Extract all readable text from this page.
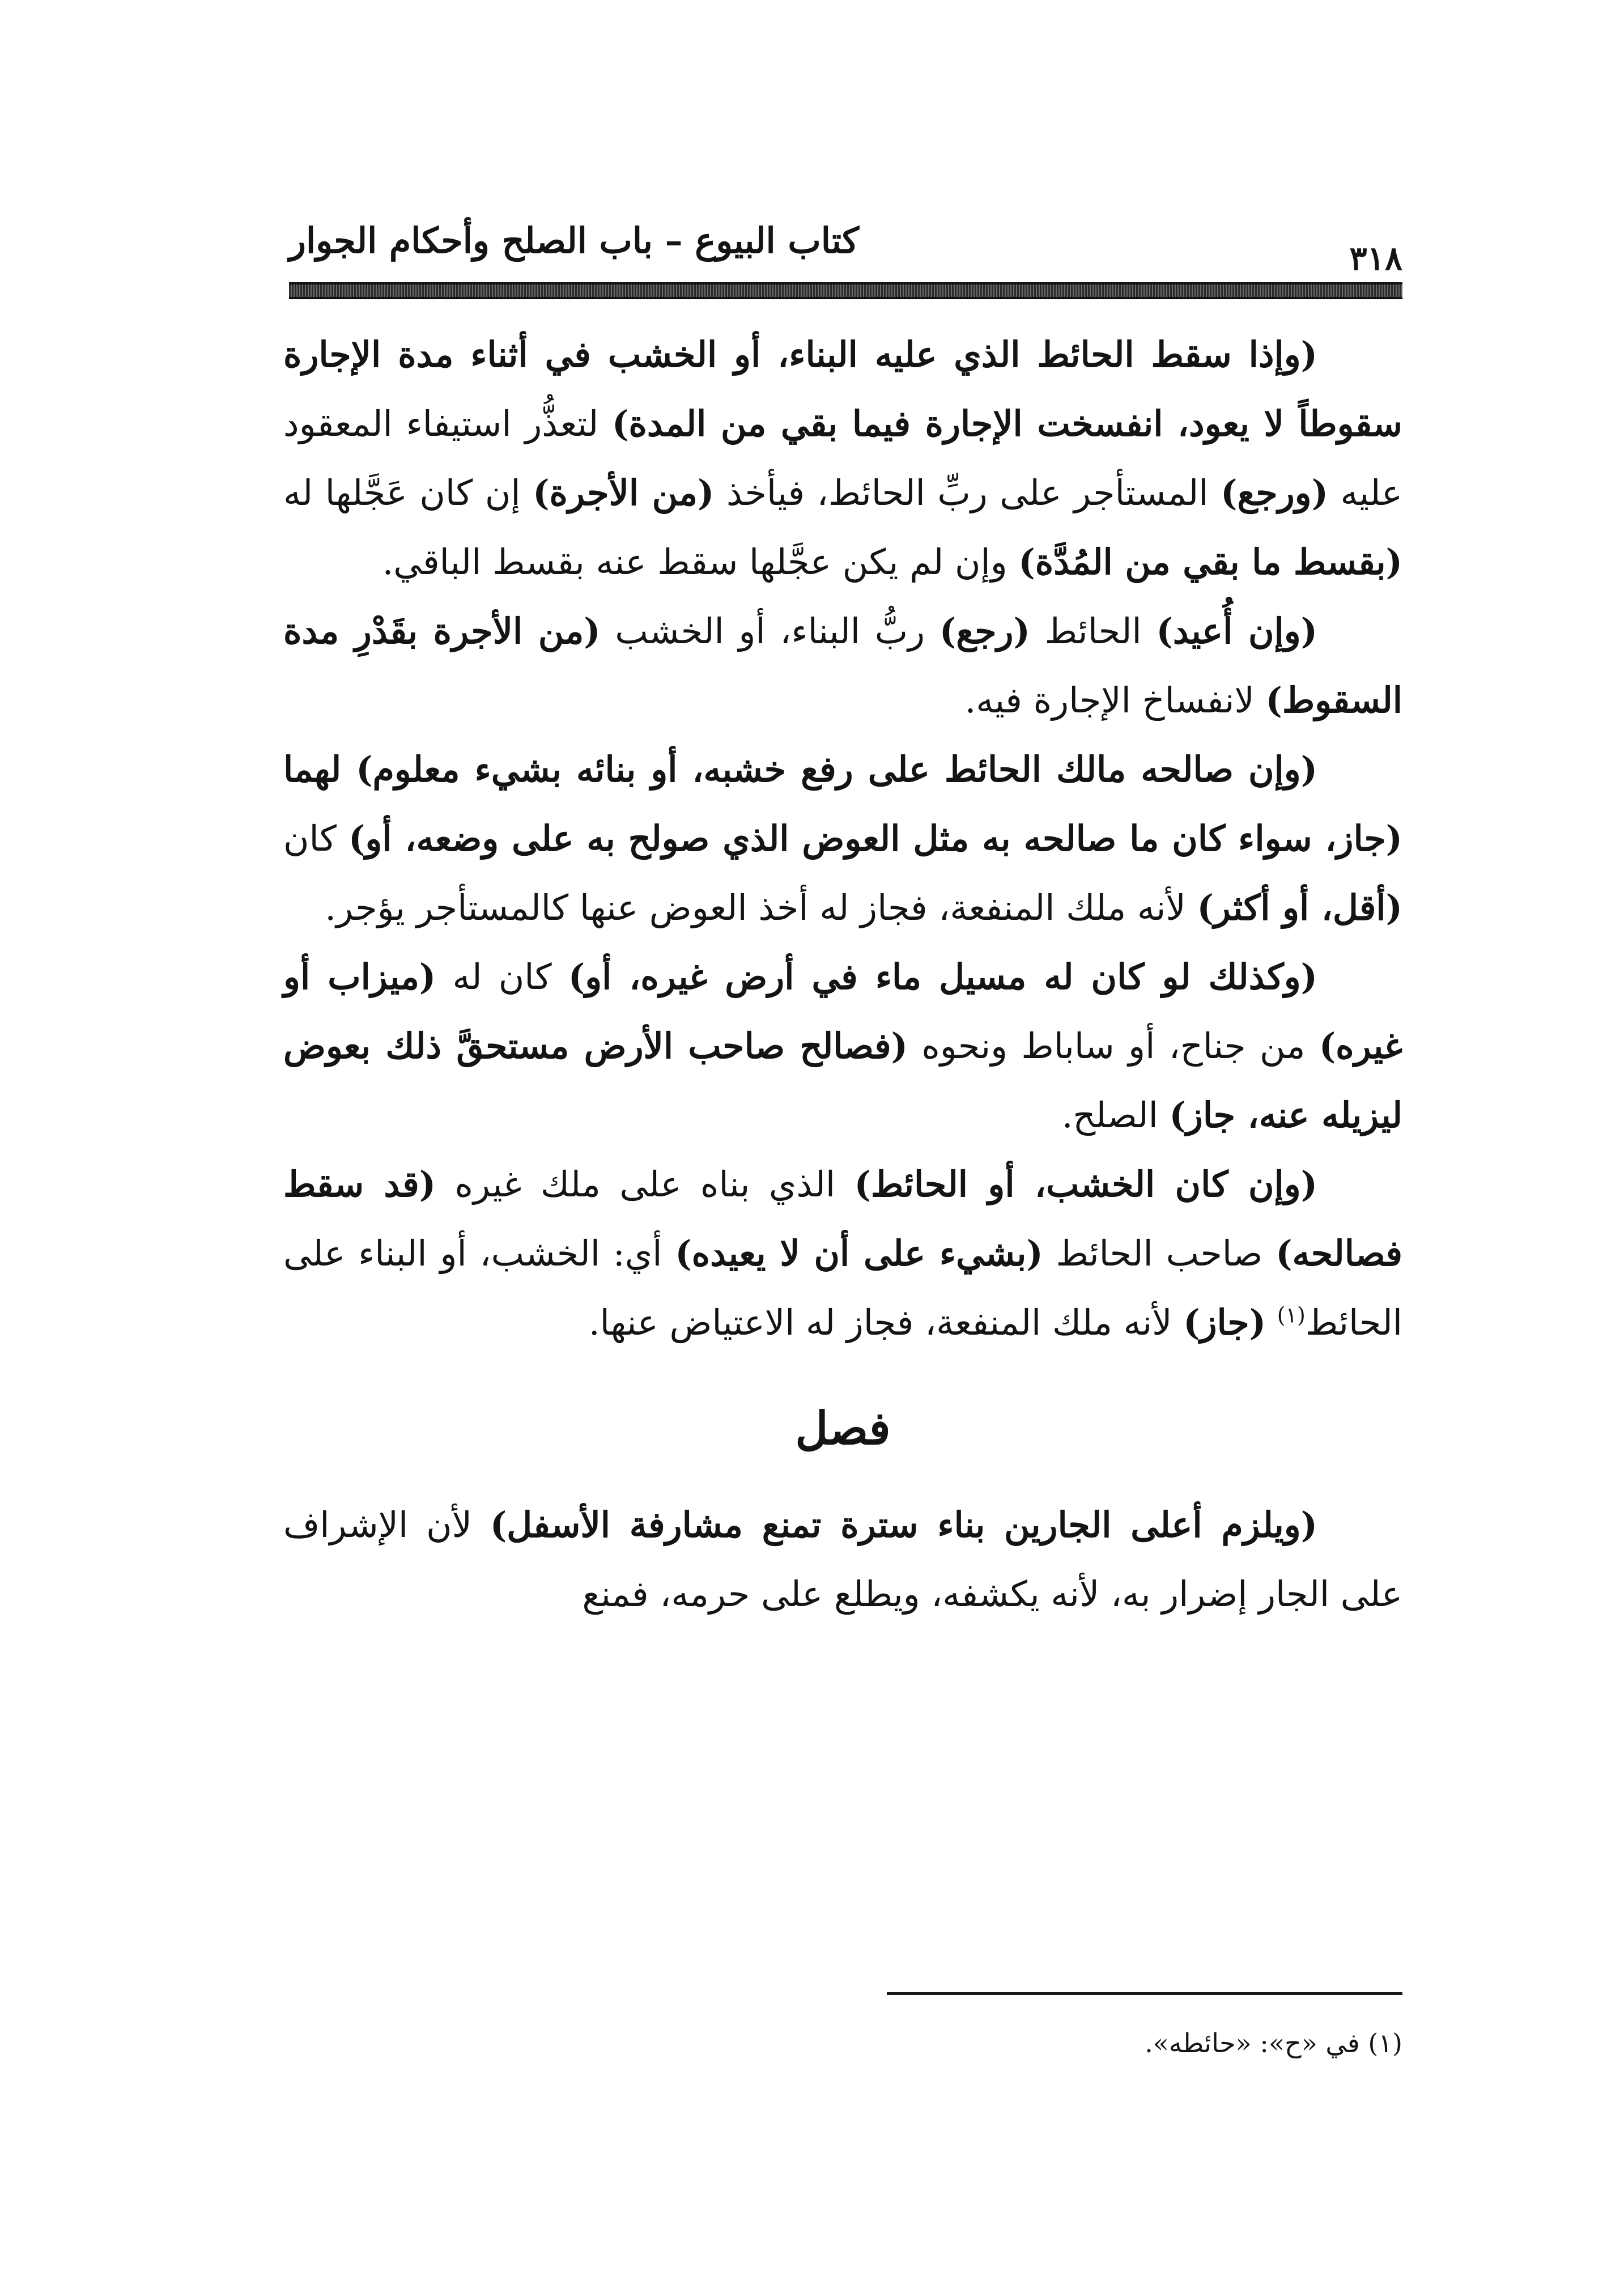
كتاب البيوع – باب الصلح وأحكام الجوار	٣١٨

(وإذا سقط الحائط الذي عليه البناء، أو الخشب في أثناء مدة الإجارة سقوطاً لا يعود، انفسخت الإجارة فيما بقي من المدة) لتعذُّر استيفاء المعقود عليه (ورجع) المستأجر على ربِّ الحائط، فيأخذ (من الأجرة) إن كان عَجَّلها له (بقسط ما بقي من المُدَّة) وإن لم يكن عجَّلها سقط عنه بقسط الباقي.

(وإن أُعيد) الحائط (رجع) ربُّ البناء، أو الخشب (من الأجرة بقَدْرِ مدة السقوط) لانفساخ الإجارة فيه.

(وإن صالحه مالك الحائط على رفع خشبه، أو بنائه بشيء معلوم) لهما (جاز، سواء كان ما صالحه به مثل العوض الذي صولح به على وضعه، أو) كان (أقل، أو أكثر) لأنه ملك المنفعة، فجاز له أخذ العوض عنها كالمستأجر يؤجر.

(وكذلك لو كان له مسيل ماء في أرض غيره، أو) كان له (ميزاب أو غيره) من جناح، أو ساباط ونحوه (فصالح صاحب الأرض مستحقَّ ذلك بعوض ليزيله عنه، جاز) الصلح.

(وإن كان الخشب، أو الحائط) الذي بناه على ملك غيره (قد سقط فصالحه) صاحب الحائط (بشيء على أن لا يعيده) أي: الخشب، أو البناء على الحائط$^{(١)}$ (جاز) لأنه ملك المنفعة، فجاز له الاعتياض عنها.

فصل

(ويلزم أعلى الجارين بناء سترة تمنع مشارفة الأسفل) لأن الإشراف على الجار إضرار به، لأنه يكشفه، ويطلع على حرمه، فمنع

(١) في «ح»: «حائطه».
